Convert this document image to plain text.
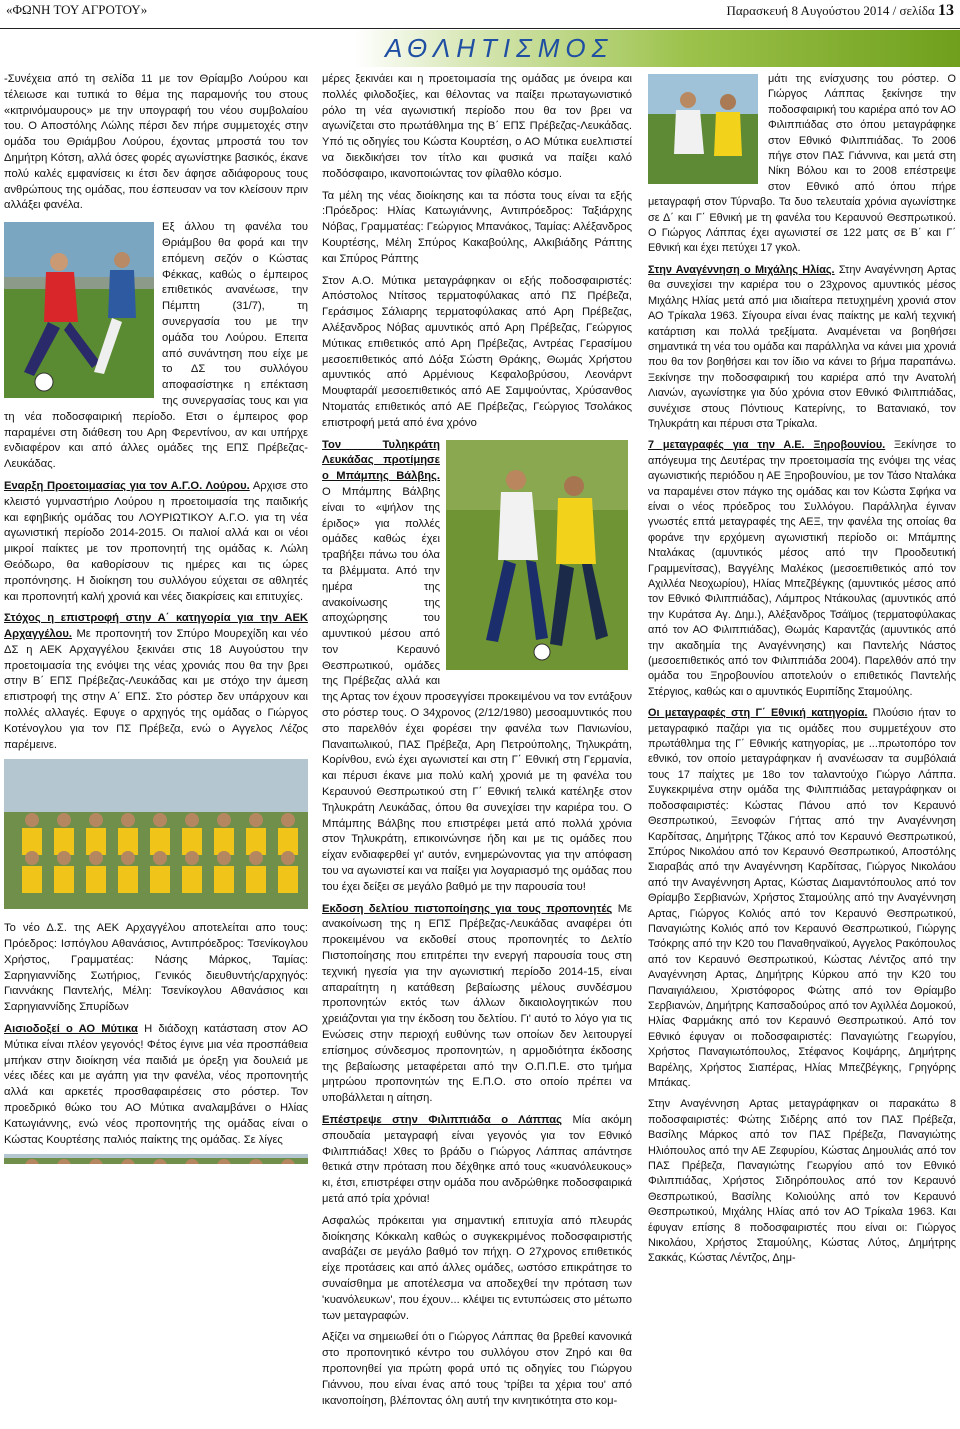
«ΦΩΝΗ ΤΟΥ ΑΓΡΟΤΟΥ»	Παρασκευή 8 Αυγούστου 2014 / σελίδα 13
ΑΘΛΗΤΙΣΜΟΣ

-Συνέχεια από τη σελίδα 11 με τον Θρίαμβο Λούρου και τέλειωσε και τυπικά το θέμα της παραμονής του στους «κιτρινόμαυρους» με την υπογραφή του νέου συμβολαίου του. Ο Αποστόλης Λώλης πέρσι δεν πήρε συμμετοχές στην ομάδα του Θριάμβου Λούρου, έχοντας μπροστά του τον Δημήτρη Κότση, αλλά όσες φορές αγωνίστηκε βασικός, έκανε πολύ καλές εμφανίσεις κι έτσι δεν άφησε αδιάφορους τους ανθρώπους της ομάδας, που έσπευσαν να τον κλείσουν πριν αλλάξει φανέλα.

Εξ άλλου τη φανέλα του Θριάμβου θα φορά και την επόμενη σεζόν ο Κώστας Φέκκας, καθώς ο έμπειρος επιθετικός ανανέωσε, την Πέμπτη (31/7), τη συνεργασία του με την ομάδα του Λούρου. Επειτα από συνάντηση που είχε με το ΔΣ του συλλόγου αποφασίστηκε η επέκταση της συνεργασίας τους και για τη νέα ποδοσφαιρική περίοδο. Ετσι ο έμπειρος φορ παραμένει στη διάθεση του Αρη Φερεντίνου, αν και υπήρχε ενδιαφέρον και από άλλες ομάδες της ΕΠΣ Πρέβεζας-Λευκάδας.

Εναρξη Προετοιμασίας για τον Α.Γ.Ο. Λούρου. Αρχισε στο κλειστό γυμναστήριο Λούρου η προετοιμασία της παιδικής και εφηβικής ομάδας του ΛΟΥΡΙΩΤΙΚΟΥ Α.Γ.Ο. για τη νέα αγωνιστική περίοδο 2014-2015. Οι παλιοί αλλά και οι νέοι μικροί παίκτες με τον προπονητή της ομάδας κ. Λώλη Θεόδωρο, θα καθορίσουν τις ημέρες και τις ώρες προπόνησης. Η διοίκηση του συλλόγου εύχεται σε αθλητές και προπονητή καλή χρονιά και νέες διακρίσεις και επιτυχίες.

Στόχος η επιστροφή στην Α΄ κατηγορία για την ΑΕΚ Αρχαγγέλου. Με προπονητή τον Σπύρο Μουρεχίδη και νέο ΔΣ η ΑΕΚ Αρχαγγέλου ξεκινάει στις 18 Αυγούστου την προετοιμασία της ενόψει της νέας χρονιάς που θα την βρει στην Β΄ ΕΠΣ Πρέβεζας-Λευκάδας και με στόχο την άμεση επιστροφή της στην Α΄ ΕΠΣ. Στο ρόστερ δεν υπάρχουν και πολλές αλλαγές. Εφυγε ο αρχηγός της ομάδας ο Γιώργος Κοτένογλου για τον ΠΣ Πρέβεζα, ενώ ο Αγγελος Λέζος παρέμεινε.

Το νέο Δ.Σ. της ΑΕΚ Αρχαγγέλου αποτελείται απο τους: Πρόεδρος: Ισπόγλου Αθανάσιος, Αντιπρόεδρος: Τσενίκογλου Χρήστος, Γραμματέας: Νάσης Μάρκος, Ταμίας: Σαρηγιαννίδης Σωτήριος, Γενικός διευθυντής/αρχηγός: Γιαννάκης Παντελής, Μέλη: Τσενίκογλου Αθανάσιος και Σαρηγιαννίδης Σπυρίδων

Αισιοδοξεί ο ΑΟ Μύτικα Η διάδοχη κατάσταση στον ΑΟ Μύτικα είναι πλέον γεγονός! Φέτος έγινε μια νέα προσπάθεια μπήκαν στην διοίκηση νέα παιδιά με όρεξη για δουλειά με νέες ιδέες και με αγάπη για την φανέλα, νέος προπονητής αλλά και αρκετές προσθαφαιρέσεις στο ρόστερ. Τον προεδρικό θώκο του ΑΟ Μύτικα αναλαμβάνει ο Ηλίας Κατωγιάννης, ενώ νέος προπονητής της ομάδας είναι ο Κώστας Κουρτέσης παλιός παίκτης της ομάδας. Σε λίγες

μέρες ξεκινάει και η προετοιμασία της ομάδας με όνειρα και πολλές φιλοδοξίες, και θέλοντας να παίξει πρωταγωνιστικό ρόλο τη νέα αγωνιστική περίοδο που θα τον βρει να αγωνίζεται στο πρωτάθλημα της Β΄ ΕΠΣ Πρέβεζας-Λευκάδας. Υπό τις οδηγίες του Κώστα Κουρτέση, ο ΑΟ Μύτικα ευελπιστεί να διεκδικήσει τον τίτλο και φυσικά να παίξει καλό ποδόσφαιρο, ικανοποιώντας τον φίλαθλο κόσμο.

Τα μέλη της νέας διοίκησης και τα πόστα τους είναι τα εξής :Πρόεδρος: Ηλίας Κατωγιάννης, Αντιπρόεδρος: Ταξιάρχης Νόβας, Γραμματέας: Γεώργιος Μπανάκος, Ταμίας: Αλέξανδρος Κουρτέσης, Μέλη Σπύρος Κακαβούλης, Αλκιβιάδης Ράπτης και Σπύρος Ράπτης

Στον Α.Ο. Μύτικα μεταγράφηκαν οι εξής ποδοσφαιριστές: Απόστολος Ντίτσος τερματοφύλακας από ΠΣ Πρέβεζα, Γεράσιμος Σάλιαρης τερματοφύλακας από Αρη Πρέβεζας, Αλέξανδρος Νόβας αμυντικός από Αρη Πρέβεζας, Γεώργιος Μύτικας επιθετικός από Αρη Πρέβεζας, Αντρέας Γερασίμου μεσοεπιθετικός από Δόξα Σώστη Θράκης, Θωμάς Χρήστου αμυντικός από Αρμένιους Κεφαλοβρύσου, Λεονάρντ Μουφταράϊ μεσοεπιθετικός από ΑΕ Σαμψούντας, Χρύσανθος Ντοματάς επιθετικός από ΑΕ Πρέβεζας, Γεώργιος Τσολάκος επιστροφή μετά από ένα χρόνο

Τον Τυληκράτη Λευκάδας προτίμησε ο Μπάμπης Βάλβης. Ο Μπάμπης Βάλβης είναι το «ψήλον της έριδος» για πολλές ομάδες καθώς έχει τραβήξει πάνω του όλα τα βλέμματα. Από την ημέρα της ανακοίνωσης της αποχώρησης του αμυντικού μέσου από τον Κεραυνό Θεσπρωτικού, ομάδες της Πρέβεζας αλλά και της Αρτας τον έχουν προσεγγίσει προκειμένου να τον εντάξουν στο ρόστερ τους. Ο 34χρονος (2/12/1980) μεσοαμυντικός που στο παρελθόν έχει φορέσει την φανέλα των Πανιωνίου, Παναιτωλικού, ΠΑΣ Πρέβεζα, Αρη Πετρούπολης, Τηλυκράτη, Κορίνθου, ενώ έχει αγωνιστεί και στη Γ΄ Εθνική στη Γερμανία, και πέρυσι έκανε μια πολύ καλή χρονιά με τη φανέλα του Κεραυνού Θεσπρωτικού στη Γ΄ Εθνική τελικά κατέληξε στον Τηλυκράτη Λευκάδας, όπου θα συνεχίσει την καριέρα του. Ο Μπάμπης Βάλβης που επιστρέφει μετά από πολλά χρόνια στον Τηλυκράτη, επικοινώνησε ήδη και με τις ομάδες που είχαν ενδιαφερθεί γι' αυτόν, ενημερώνοντας για την απόφαση του να αγωνιστεί και να παίξει για λογαριασμό της ομάδας που του έχει δείξει σε μεγάλο βαθμό με την παρουσία του!

Εκδοση δελτίου πιστοποίησης για τους προπονητές Με ανακοίνωση της η ΕΠΣ Πρέβεζας-Λευκάδας αναφέρει ότι προκειμένου να εκδοθεί στους προπονητές το Δελτίο Πιστοποίησης που επιτρέπει την ενεργή παρουσία τους στη τεχνική ηγεσία για την αγωνιστική περίοδο 2014-15, είναι απαραίτητη η κατάθεση βεβαίωσης μέλους συνδέσμου προπονητών εκτός των άλλων δικαιολογητικών που χρειάζονται για την έκδοση του δελτίου. Γι' αυτό το λόγο για τις Ενώσεις στην περιοχή ευθύνης των οποίων δεν λειτουργεί επίσημος σύνδεσμος προπονητών, η αρμοδιότητα έκδοσης της βεβαίωσης μεταφέρεται από την Ο.Π.Π.Ε. στο τμήμα μητρώου προπονητών της Ε.Π.Ο. στο οποίο πρέπει να υποβάλλεται η αίτηση.

Επέστρεψε στην Φιλιππιάδα ο Λάππας Μία ακόμη σπουδαία μεταγραφή είναι γεγονός για τον Εθνικό Φιλιππιάδας! Χθες το βράδυ ο Γιώργος Λάππας απάντησε θετικά στην πρόταση που δέχθηκε από τους «κυανόλευκους» κι, έτσι, επιστρέφει στην ομάδα που ανδρώθηκε ποδοσφαιρικά μετά από τρία χρόνια!

Ασφαλώς πρόκειται για σημαντική επιτυχία από πλευράς διοίκησης Κόκκαλη καθώς ο συγκεκριμένος ποδοσφαιριστής αναβάζει σε μεγάλο βαθμό τον πήχη. Ο 27χρονος επιθετικός είχε προτάσεις και από άλλες ομάδες, ωστόσο επικράτησε το συναίσθημα με αποτέλεσμα να αποδεχθεί την πρόταση των 'κυανόλευκων', που έχουν... κλέψει τις εντυπώσεις στο μέτωπο των μεταγραφών.

Αξίζει να σημειωθεί ότι ο Γιώργος Λάππας θα βρεθεί κανονικά στο προπονητικό κέντρο του συλλόγου στον Ζηρό και θα προπονηθεί για πρώτη φορά υπό τις οδηγίες του Γιώργου Γιάννου, που είναι ένας από τους 'τρίβει τα χέρια του' από ικανοποίηση, βλέποντας όλη αυτή την κινητικότητα στο κομ-

μάτι της ενίσχυσης του ρόστερ. Ο Γιώργος Λάππας ξεκίνησε την ποδοσφαιρική του καριέρα από τον ΑΟ Φιλιππιάδας στο όπου μεταγράφηκε στον Εθνικό Φιλιππιάδας. Το 2006 πήγε στον ΠΑΣ Γιάννινα, και μετά στη Νίκη Βόλου και το 2008 επέστρεψε στον Εθνικό από όπου πήρε μεταγραφή στον Τύρναβο. Τα δυο τελευταία χρόνια αγωνίστηκε σε Δ΄ και Γ΄ Εθνική με τη φανέλα του Κεραυνού Θεσπρωτικού. Ο Γιώργος Λάππας έχει αγωνιστεί σε 122 ματς σε Β΄ και Γ΄ Εθνική και έχει πετύχει 17 γκολ.

Στην Αναγέννηση ο Μιχάλης Ηλίας. Στην Αναγέννηση Αρτας θα συνεχίσει την καριέρα του ο 23χρονος αμυντικός μέσος Μιχάλης Ηλίας μετά από μια ιδιαίτερα πετυχημένη χρονιά στον ΑΟ Τρίκαλα 1963. Σίγουρα είναι ένας παίκτης με καλή τεχνική κατάρτιση και πολλά τρεξίματα. Αναμένεται να βοηθήσει σημαντικά τη νέα του ομάδα και παράλληλα να κάνει μια χρονιά που θα τον βοηθήσει και τον ίδιο να κάνει το βήμα παραπάνω. Ξεκίνησε την ποδοσφαιρική του καριέρα από την Ανατολή Λιανών, αγωνίστηκε για δύο χρόνια στον Εθνικό Φιλιππιάδας, συνέχισε στους Πόντιους Κατερίνης, το Βατανιακό, τον Τηλυκράτη και πέρυσι στα Τρίκαλα.

7 μεταγραφές για την Α.Ε. Ξηροβουνίου. Ξεκίνησε το απόγευμα της Δευτέρας την προετοιμασία της ενόψει της νέας αγωνιστικής περιόδου η ΑΕ Ξηροβουνίου, με τον Τάσο Νταλάκα να παραμένει στον πάγκο της ομάδας και τον Κώστα Σφήκα να είναι ο νέος πρόεδρος του Συλλόγου. Παράλληλα έγιναν γνωστές επτά μεταγραφές της ΑΕΞ, την φανέλα της οποίας θα φοράνε την ερχόμενη αγωνιστική περίοδο οι: Μπάμπης Νταλάκας (αμυντικός μέσος από την Προοδευτική Γραμμενίτσας), Βαγγέλης Μαλέκος (μεσοεπιθετικός από τον Αχιλλέα Νεοχωρίου), Ηλίας Μπεζβέγκης (αμυντικός μέσος από τον Εθνικό Φιλιππιάδας), Λάμπρος Ντάκουλας (αμυντικός από την Κυράτσα Αγ. Δημ.), Αλέξανδρος Τσάϊμος (τερματοφύλακας από τον ΑΟ Φιλιππιάδας), Θωμάς Καραντζάς (αμυντικός από την ακαδημία της Αναγέννησης) και Παντελής Νάστος (μεσοεπιθετικός από τον Φιλιππιάδα 2004). Παρελθόν από την ομάδα του Ξηροβουνίου αποτελούν ο επιθετικός Παντελής Στέργιος, καθώς και ο αμυντικός Ευριπίδης Σταμούλης.

Οι μεταγραφές στη Γ΄ Εθνική κατηγορία. Πλούσιο ήταν το μεταγραφικό παζάρι για τις ομάδες που συμμετέχουν στο πρωτάθλημα της Γ΄ Εθνικής κατηγορίας, με ...πρωτοπόρο τον εθνικό, τον οποίο μεταγράφηκαν ή ανανέωσαν τα συμβόλαιά τους 17 παίχτες με 18ο τον ταλαντούχο Γιώργο Λάππα. Συγκεκριμένα στην ομάδα της Φιλιππιάδας μεταγράφηκαν οι ποδοσφαιριστές: Κώστας Πάνου από τον Κεραυνό Θεσπρωτικού, Ξενοφών Γήττας από την Αναγέννηση Καρδίτσας, Δημήτρης Τζάκος από τον Κεραυνό Θεσπρωτικού, Σπύρος Νικολάου από τον Κεραυνό Θεσπρωτικού, Αποστόλης Σιαραβάς από την Αναγέννηση Καρδίτσας, Γιώργος Νικολάου από την Αναγέννηση Αρτας, Κώστας Διαμαντόπουλος από τον Θρίαμβο Σερβιανών, Χρήστος Σταμούλης από την Αναγέννηση Αρτας, Γιώργος Κολιός από τον Κεραυνό Θεσπρωτικού, Παναγιώτης Κολιός από τον Κεραυνό Θεσπρωτικού, Γιώργης Τσόκρης από την Κ20 του Παναθηναϊκού, Αγγελος Ρακόπουλος από τον Κεραυνό Θεσπρωτικού, Κώστας Λέντζος από την Αναγέννηση Αρτας, Δημήτρης Κύρκου από την Κ20 του Παναιγιάλειου, Χριστόφορος Φώτης από τον Θρίαμβο Σερβιανών, Δημήτρης Καπσαδούρος από τον Αχιλλέα Δομοκού, Ηλίας Φαρμάκης από τον Κεραυνό Θεσπρωτικού. Από τον Εθνικό έφυγαν οι ποδοσφαιριστές: Παναγιώτης Γεωργίου, Χρήστος Παναγιωτόπουλος, Στέφανος Κοψάρης, Δημήτρης Βαρέλης, Χρήστος Σιαπέρας, Ηλίας Μπεζβέγκης, Γρηγόρης Μπάκας.

Στην Αναγέννηση Αρτας μεταγράφηκαν οι παρακάτω 8 ποδοσφαιριστές: Φώτης Σιδέρης από τον ΠΑΣ Πρέβεζα, Βασίλης Μάρκος από τον ΠΑΣ Πρέβεζα, Παναγιώτης Ηλιόπουλος από την ΑΕ Ζεφυρίου, Κώστας Δημουλιάς από τον ΠΑΣ Πρέβεζα, Παναγιώτης Γεωργίου από τον Εθνικό Φιλιππιάδας, Χρήστος Σιδηρόπουλος από τον Κεραυνό Θεσπρωτικού, Βασίλης Κολιούλης από τον Κεραυνό Θεσπρωτικού, Μιχάλης Ηλίας από τον ΑΟ Τρίκαλα 1963. Και έφυγαν επίσης 8 ποδοσφαιριστές που είναι οι: Γιώργος Νικολάου, Χρήστος Σταμούλης, Κώστας Λύτος, Δημήτρης Σακκάς, Κώστας Λέντζος, Δημ-
